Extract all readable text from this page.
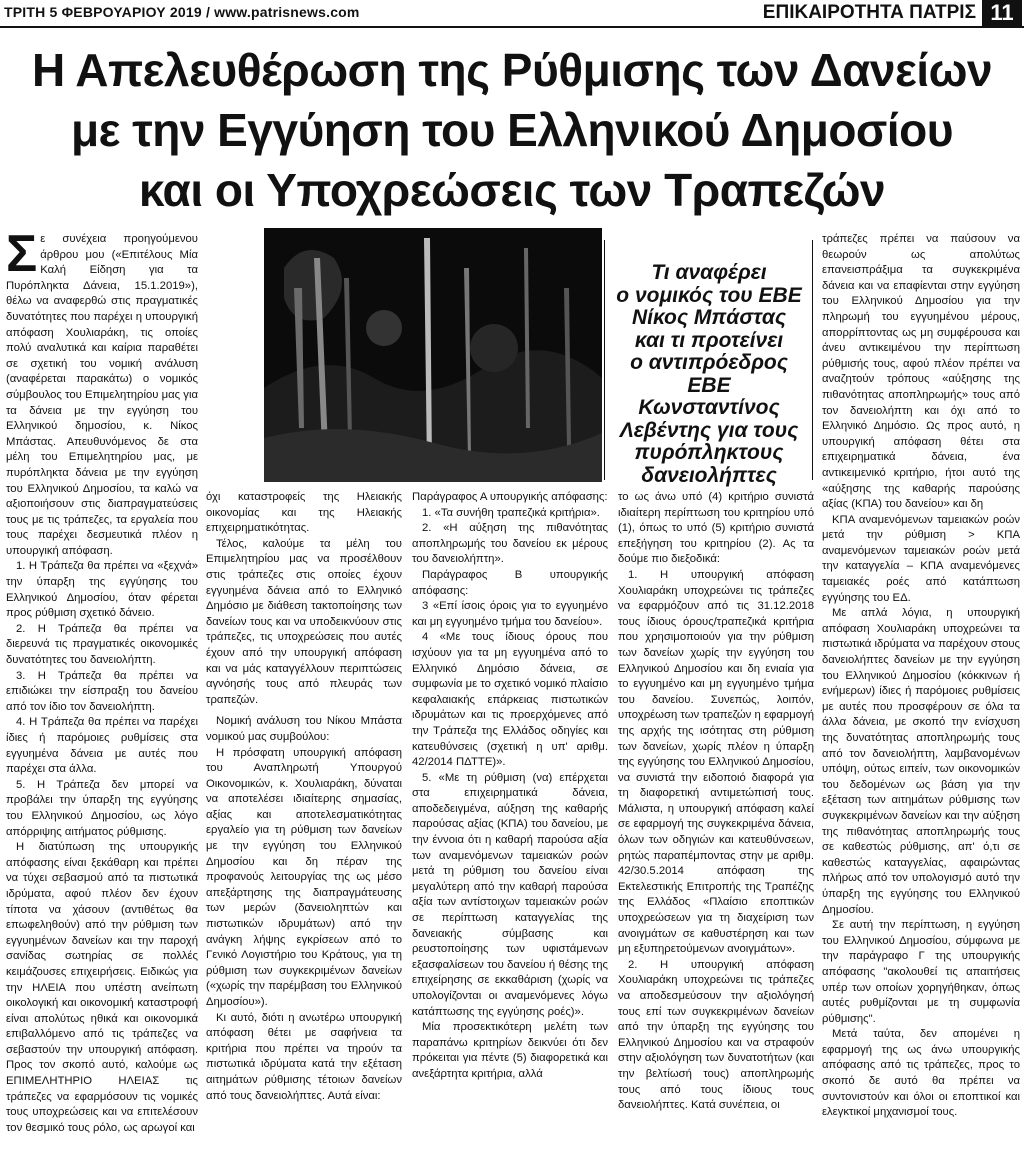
ΤΡΙΤΗ 5 ΦΕΒΡΟΥΑΡΙΟΥ 2019 / www.patrisnews.com	ΕΠΙΚΑΙΡΟΤΗΤΑ ΠΑΤΡΙΣ 11
Η Απελευθέρωση της Ρύθμισης των Δανείων
με την Εγγύηση του Ελληνικού Δημοσίου
και οι Υποχρεώσεις των Τραπεζών

Σε συνέχεια προηγούμενου άρθρου μου («Επιτέλους Μία Καλή Είδηση για τα Πυρόπληκτα Δάνεια, 15.1.2019»), θέλω να αναφερθώ στις πραγματικές δυνατότητες που παρέχει η υπουργική απόφαση Χουλιαράκη, τις οποίες πολύ αναλυτικά και καίρια παραθέτει σε σχετική του νομική ανάλυση (αναφέρεται παρακάτω) ο νομικός σύμβουλος του Επιμελητηρίου μας για τα δάνεια με την εγγύηση του Ελληνικού δημοσίου, κ. Νίκος Μπάστας. Απευθυνόμενος δε στα μέλη του Επιμελητηρίου μας, με πυρόπληκτα δάνεια με την εγγύηση του Ελληνικού Δημοσίου, τα καλώ να αξιοποιήσουν στις διαπραγματεύσεις τους με τις τράπεζες, τα εργαλεία που τους παρέχει δεσμευτικά πλέον η υπουργική απόφαση.

1. Η Τράπεζα θα πρέπει να «ξεχνά» την ύπαρξη της εγγύησης του Ελληνικού Δημοσίου, όταν φέρεται προς ρύθμιση σχετικό δάνειο.

2. Η Τράπεζα θα πρέπει να διερευνά τις πραγματικές οικονομικές δυνατότητες του δανειολήπτη.

3. Η Τράπεζα θα πρέπει να επιδιώκει την είσπραξη του δανείου από τον ίδιο τον δανειολήπτη.

4. Η Τράπεζα θα πρέπει να παρέχει ίδιες ή παρόμοιες ρυθμίσεις στα εγγυημένα δάνεια με αυτές που παρέχει στα άλλα.

5. Η Τράπεζα δεν μπορεί να προβάλει την ύπαρξη της εγγύησης του Ελληνικού Δημοσίου, ως λόγο απόρριψης αιτήματος ρύθμισης.

Η διατύπωση της υπουργικής απόφασης είναι ξεκάθαρη και πρέπει να τύχει σεβασμού από τα πιστωτικά ιδρύματα, αφού πλέον δεν έχουν τίποτα να χάσουν (αντιθέτως θα επωφεληθούν) από την ρύθμιση των εγγυημένων δανείων και την παροχή σανίδας σωτηρίας σε πολλές κειμάζουσες επιχειρήσεις. Ειδικώς για την ΗΛΕΙΑ που υπέστη ανείπωτη οικολογική και οικονομική καταστροφή είναι απολύτως ηθικά και οικονομικά επιβαλλόμενο από τις τράπεζες να σεβαστούν την υπουργική απόφαση. Προς τον σκοπό αυτό, καλούμε ως ΕΠΙΜΕΛΗΤΗΡΙΟ ΗΛΕΙΑΣ τις τράπεζες να εφαρμόσουν τις νομικές τους υποχρεώσεις και να επιτελέσουν τον θεσμικό τους ρόλο, ως αρωγοί και

Τι αναφέρει
ο νομικός του ΕΒΕ
Νίκος Μπάστας
και τι προτείνει
ο αντιπρόεδρος ΕΒΕ
Κωνσταντίνος
Λεβέντης για τους
πυρόπληκτους
δανειολήπτες

όχι καταστροφείς της Ηλειακής οικονομίας και της Ηλειακής επιχειρηματικότητας.

Τέλος, καλούμε τα μέλη του Επιμελητηρίου μας να προσέλθουν στις τράπεζες στις οποίες έχουν εγγυημένα δάνεια από το Ελληνικό Δημόσιο με διάθεση τακτοποίησης των δανείων τους και να υποδεικνύουν στις τράπεζες, τις υποχρεώσεις που αυτές έχουν από την υπουργική απόφαση και να μάς καταγγέλλουν περιπτώσεις αγνόησής τους από πλευράς των τραπεζών.

Νομική ανάλυση του Νίκου Μπάστα νομικού μας συμβούλου:

Η πρόσφατη υπουργική απόφαση του Αναπληρωτή Υπουργού Οικονομικών, κ. Χουλιαράκη, δύναται να αποτελέσει ιδιαίτερης σημασίας, αξίας και αποτελεσματικότητας εργαλείο για τη ρύθμιση των δανείων με την εγγύηση του Ελληνικού Δημοσίου και δη πέραν της προφανούς λειτουργίας της ως μέσο απεξάρτησης της διαπραγμάτευσης των μερών (δανειοληπτών και πιστωτικών ιδρυμάτων) από την ανάγκη λήψης εγκρίσεων από το Γενικό Λογιστήριο του Κράτους, για τη ρύθμιση των συγκεκριμένων δανείων («χωρίς την παρέμβαση του Ελληνικού Δημοσίου»).

Κι αυτό, διότι η ανωτέρω υπουργική απόφαση θέτει με σαφήνεια τα κριτήρια που πρέπει να τηρούν τα πιστωτικά ιδρύματα κατά την εξέταση αιτημάτων ρύθμισης τέτοιων δανείων από τους δανειολήπτες. Αυτά είναι:

Παράγραφος Α υπουργικής απόφασης:

1. «Τα συνήθη τραπεζικά κριτήρια».

2. «Η αύξηση της πιθανότητας αποπληρωμής του δανείου εκ μέρους του δανειολήπτη».

Παράγραφος Β υπουργικής απόφασης:

3 «Επί ίσοις όροις για το εγγυημένο και μη εγγυημένο τμήμα του δανείου».

4 «Με τους ίδιους όρους που ισχύουν για τα μη εγγυημένα από το Ελληνικό Δημόσιο δάνεια, σε συμφωνία με το σχετικό νομικό πλαίσιο κεφαλαιακής επάρκειας πιστωτικών ιδρυμάτων και τις προερχόμενες από την Τράπεζα της Ελλάδος οδηγίες και κατευθύνσεις (σχετική η υπ' αριθμ. 42/2014 ΠΔΤΤΕ)».

5. «Με τη ρύθμιση (να) επέρχεται στα επιχειρηματικά δάνεια, αποδεδειγμένα, αύξηση της καθαρής παρούσας αξίας (ΚΠΑ) του δανείου, με την έννοια ότι η καθαρή παρούσα αξία των αναμενόμενων ταμειακών ροών μετά τη ρύθμιση του δανείου είναι μεγαλύτερη από την καθαρή παρούσα αξία των αντίστοιχων ταμειακών ροών σε περίπτωση καταγγελίας της δανειακής σύμβασης και ρευστοποίησης των υφιστάμενων εξασφαλίσεων του δανείου ή θέσης της επιχείρησης σε εκκαθάριση (χωρίς να υπολογίζονται οι αναμενόμενες λόγω κατάπτωσης της εγγύησης ροές)».

Μία προσεκτικότερη μελέτη των παραπάνω κριτηρίων δεικνύει ότι δεν πρόκειται για πέντε (5) διαφορετικά και ανεξάρτητα κριτήρια, αλλά

το ως άνω υπό (4) κριτήριο συνιστά ιδιαίτερη περίπτωση του κριτηρίου υπό (1), όπως το υπό (5) κριτήριο συνιστά επεξήγηση του κριτηρίου (2). Ας τα δούμε πιο διεξοδικά:

1. Η υπουργική απόφαση Χουλιαράκη υποχρεώνει τις τράπεζες να εφαρμόζουν από τις 31.12.2018 τους ίδιους όρους/τραπεζικά κριτήρια που χρησιμοποιούν για την ρύθμιση των δανείων χωρίς την εγγύηση του Ελληνικού Δημοσίου και δη ενιαία για το εγγυημένο και μη εγγυημένο τμήμα του δανείου. Συνεπώς, λοιπόν, υποχρέωση των τραπεζών η εφαρμογή της αρχής της ισότητας στη ρύθμιση των δανείων, χωρίς πλέον η ύπαρξη της εγγύησης του Ελληνικού Δημοσίου, να συνιστά την ειδοποιό διαφορά για τη διαφορετική αντιμετώπισή τους. Μάλιστα, η υπουργική απόφαση καλεί σε εφαρμογή της συγκεκριμένα δάνεια, όλων των οδηγιών και κατευθύνσεων, ρητώς παραπέμποντας στην με αριθμ. 42/30.5.2014 απόφαση της Εκτελεστικής Επιτροπής της Τραπέζης της Ελλάδος «Πλαίσιο εποπτικών υποχρεώσεων για τη διαχείριση των ανοιγμάτων σε καθυστέρηση και των μη εξυπηρετούμενων ανοιγμάτων».

2. Η υπουργική απόφαση Χουλιαράκη υποχρεώνει τις τράπεζες να αποδεσμεύσουν την αξιολόγησή τους επί των συγκεκριμένων δανείων από την ύπαρξη της εγγύησης του Ελληνικού Δημοσίου και να στραφούν στην αξιολόγηση των δυνατοτήτων (και την βελτίωσή τους) αποπληρωμής τους από τους ίδιους τους δανειολήπτες. Κατά συνέπεια, οι

τράπεζες πρέπει να παύσουν να θεωρούν ως απολύτως επανεισπράξιμα τα συγκεκριμένα δάνεια και να επαφίενται στην εγγύηση του Ελληνικού Δημοσίου για την πληρωμή του εγγυημένου μέρους, απορρίπτοντας ως μη συμφέρουσα και άνευ αντικειμένου την περίπτωση ρύθμισής τους, αφού πλέον πρέπει να αναζητούν τρόπους «αύξησης της πιθανότητας αποπληρωμής» τους από τον δανειολήπτη και όχι από το Ελληνικό Δημόσιο. Ως προς αυτό, η υπουργική απόφαση θέτει στα επιχειρηματικά δάνεια, ένα αντικειμενικό κριτήριο, ήτοι αυτό της «αύξησης της καθαρής παρούσης αξίας (ΚΠΑ) του δανείου» και δη

ΚΠΑ αναμενόμενων ταμειακών ροών μετά την ρύθμιση > ΚΠΑ αναμενόμενων ταμειακών ροών μετά την καταγγελία – ΚΠΑ αναμενόμενες ταμειακές ροές από κατάπτωση εγγύησης του ΕΔ.

Με απλά λόγια, η υπουργική απόφαση Χουλιαράκη υποχρεώνει τα πιστωτικά ιδρύματα να παρέχουν στους δανειολήπτες δανείων με την εγγύηση του Ελληνικού Δημοσίου (κόκκινων ή ενήμερων) ίδιες ή παρόμοιες ρυθμίσεις με αυτές που προσφέρουν σε όλα τα άλλα δάνεια, με σκοπό την ενίσχυση της δυνατότητας αποπληρωμής τους από τον δανειολήπτη, λαμβανομένων υπόψη, ούτως ειπείν, των οικονομικών του δεδομένων ως βάση για την εξέταση των αιτημάτων ρύθμισης των συγκεκριμένων δανείων και την αύξηση της πιθανότητας αποπληρωμής τους σε καθεστώς ρύθμισης, απ' ό,τι σε καθεστώς καταγγελίας, αφαιρώντας πλήρως από τον υπολογισμό αυτό την ύπαρξη της εγγύησης του Ελληνικού Δημοσίου.

Σε αυτή την περίπτωση, η εγγύηση του Ελληνικού Δημοσίου, σύμφωνα με την παράγραφο Γ της υπουργικής απόφασης "ακολουθεί τις απαιτήσεις υπέρ των οποίων χορηγήθηκαν, όπως αυτές ρυθμίζονται με τη συμφωνία ρύθμισης".

Μετά ταύτα, δεν απομένει η εφαρμογή της ως άνω υπουργικής απόφασης από τις τράπεζες, προς το σκοπό δε αυτό θα πρέπει να συντονιστούν και όλοι οι εποπτικοί και ελεγκτικοί μηχανισμοί τους.
